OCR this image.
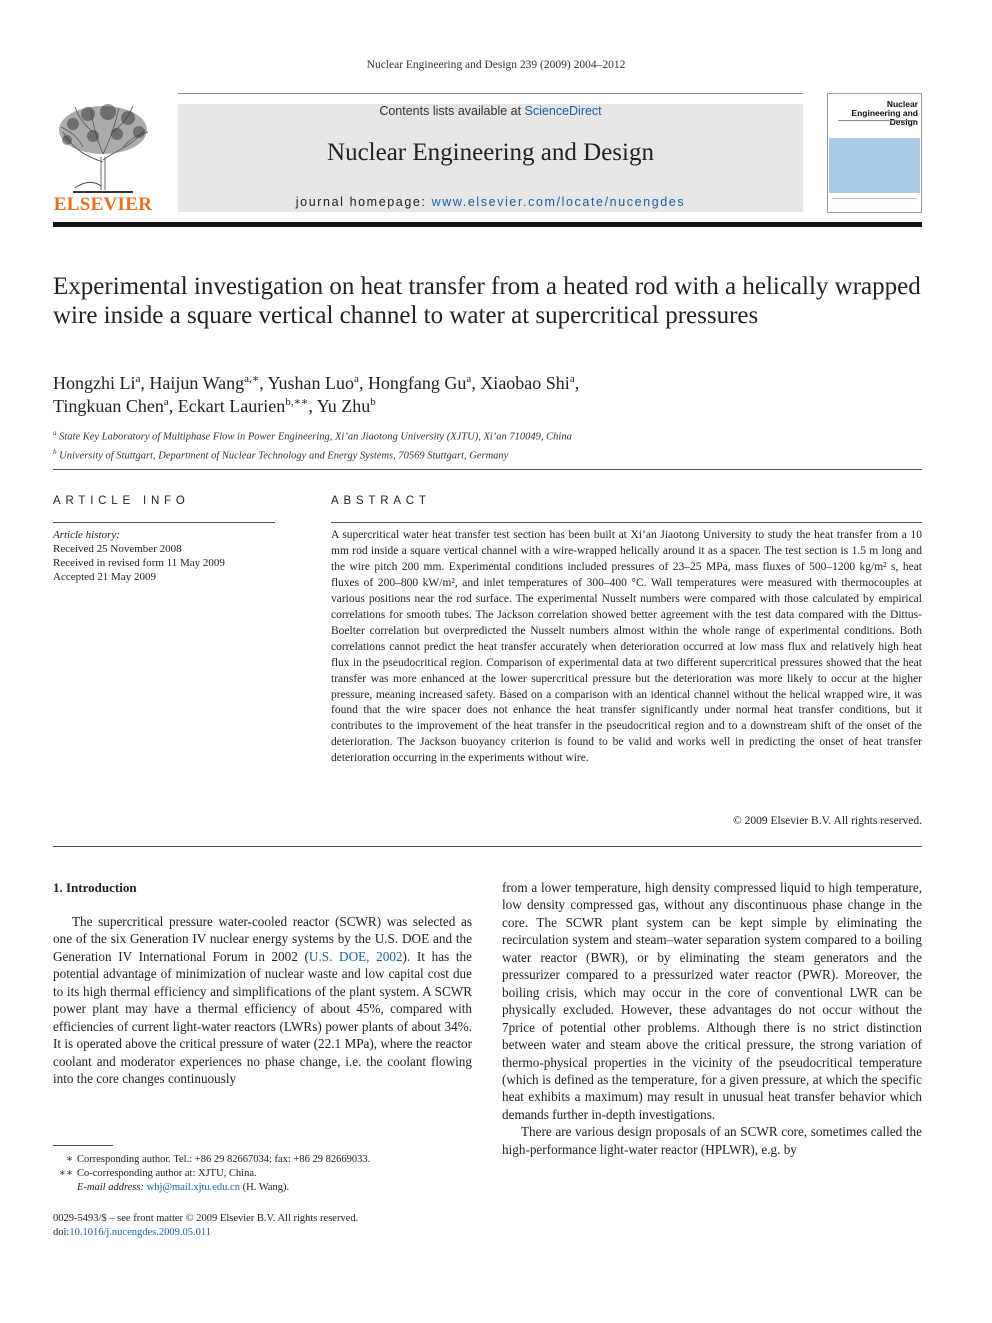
Nuclear Engineering and Design 239 (2009) 2004–2012
ELSEVIER
Contents lists available at ScienceDirect
Nuclear Engineering and Design
journal homepage: www.elsevier.com/locate/nucengdes
Nuclear Engineering and Design
Experimental investigation on heat transfer from a heated rod with a helically wrapped wire inside a square vertical channel to water at supercritical pressures
Hongzhi Li$^a$, Haijun Wang$^{a,∗}$, Yushan Luo$^a$, Hongfang Gu$^a$, Xiaobao Shi$^a$,
Tingkuan Chen$^a$, Eckart Laurien$^{b,∗∗}$, Yu Zhu$^b$
$^a$ State Key Laboratory of Multiphase Flow in Power Engineering, Xi’an Jiaotong University (XJTU), Xi’an 710049, China
$^b$ University of Stuttgart, Department of Nuclear Technology and Energy Systems, 70569 Stuttgart, Germany
ARTICLE INFO
Article history:
Received 25 November 2008
Received in revised form 11 May 2009
Accepted 21 May 2009
ABSTRACT
A supercritical water heat transfer test section has been built at Xi’an Jiaotong University to study the heat transfer from a 10 mm rod inside a square vertical channel with a wire-wrapped helically around it as a spacer. The test section is 1.5 m long and the wire pitch 200 mm. Experimental conditions included pressures of 23–25 MPa, mass fluxes of 500–1200 kg/m² s, heat fluxes of 200–800 kW/m², and inlet temperatures of 300–400 °C. Wall temperatures were measured with thermocouples at various positions near the rod surface. The experimental Nusselt numbers were compared with those calculated by empirical correlations for smooth tubes. The Jackson correlation showed better agreement with the test data compared with the Dittus-Boelter correlation but overpredicted the Nusselt numbers almost within the whole range of experimental conditions. Both correlations cannot predict the heat transfer accurately when deterioration occurred at low mass flux and relatively high heat flux in the pseudocritical region. Comparison of experimental data at two different supercritical pressures showed that the heat transfer was more enhanced at the lower supercritical pressure but the deterioration was more likely to occur at the higher pressure, meaning increased safety. Based on a comparison with an identical channel without the helical wrapped wire, it was found that the wire spacer does not enhance the heat transfer significantly under normal heat transfer conditions, but it contributes to the improvement of the heat transfer in the pseudocritical region and to a downstream shift of the onset of the deterioration. The Jackson buoyancy criterion is found to be valid and works well in predicting the onset of heat transfer deterioration occurring in the experiments without wire.
© 2009 Elsevier B.V. All rights reserved.
1. Introduction

The supercritical pressure water-cooled reactor (SCWR) was selected as one of the six Generation IV nuclear energy systems by the U.S. DOE and the Generation IV International Forum in 2002 (U.S. DOE, 2002). It has the potential advantage of minimization of nuclear waste and low capital cost due to its high thermal efficiency and simplifications of the plant system. A SCWR power plant may have a thermal efficiency of about 45%, compared with efficiencies of current light-water reactors (LWRs) power plants of about 34%. It is operated above the critical pressure of water (22.1 MPa), where the reactor coolant and moderator experiences no phase change, i.e. the coolant flowing into the core changes continuously

from a lower temperature, high density compressed liquid to high temperature, low density compressed gas, without any discontinuous phase change in the core. The SCWR plant system can be kept simple by eliminating the recirculation system and steam–water separation system compared to a boiling water reactor (BWR), or by eliminating the steam generators and the pressurizer compared to a pressurized water reactor (PWR). Moreover, the boiling crisis, which may occur in the core of conventional LWR can be physically excluded. However, these advantages do not occur without the 7price of potential other problems. Although there is no strict distinction between water and steam above the critical pressure, the strong variation of thermo-physical properties in the vicinity of the pseudocritical temperature (which is defined as the temperature, for a given pressure, at which the specific heat exhibits a maximum) may result in unusual heat transfer behavior which demands further in-depth investigations.

There are various design proposals of an SCWR core, sometimes called the high-performance light-water reactor (HPLWR), e.g. by

∗ Corresponding author. Tel.: +86 29 82667034; fax: +86 29 82669033.
∗∗ Co-corresponding author at: XJTU, China.
E-mail address: whj@mail.xjtu.edu.cn (H. Wang).
0029-5493/$ – see front matter © 2009 Elsevier B.V. All rights reserved.
doi:10.1016/j.nucengdes.2009.05.011
